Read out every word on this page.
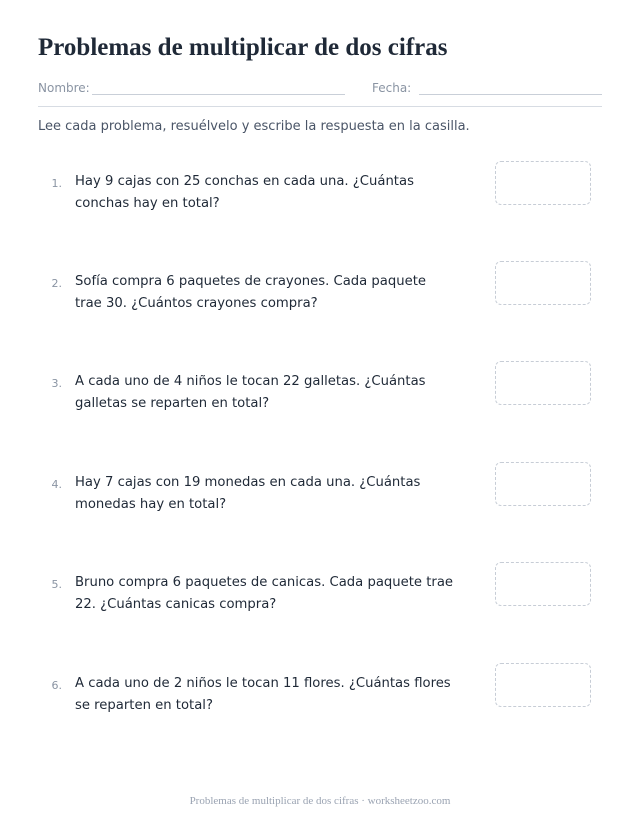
Problemas de multiplicar de dos cifras
Nombre:	Fecha:
Lee cada problema, resuélvelo y escribe la respuesta en la casilla.
1. Hay 9 cajas con 25 conchas en cada una. ¿Cuántas conchas hay en total?
2. Sofía compra 6 paquetes de crayones. Cada paquete trae 30. ¿Cuántos crayones compra?
3. A cada uno de 4 niños le tocan 22 galletas. ¿Cuántas galletas se reparten en total?
4. Hay 7 cajas con 19 monedas en cada una. ¿Cuántas monedas hay en total?
5. Bruno compra 6 paquetes de canicas. Cada paquete trae 22. ¿Cuántas canicas compra?
6. A cada uno de 2 niños le tocan 11 flores. ¿Cuántas flores se reparten en total?
Problemas de multiplicar de dos cifras · worksheetzoo.com
